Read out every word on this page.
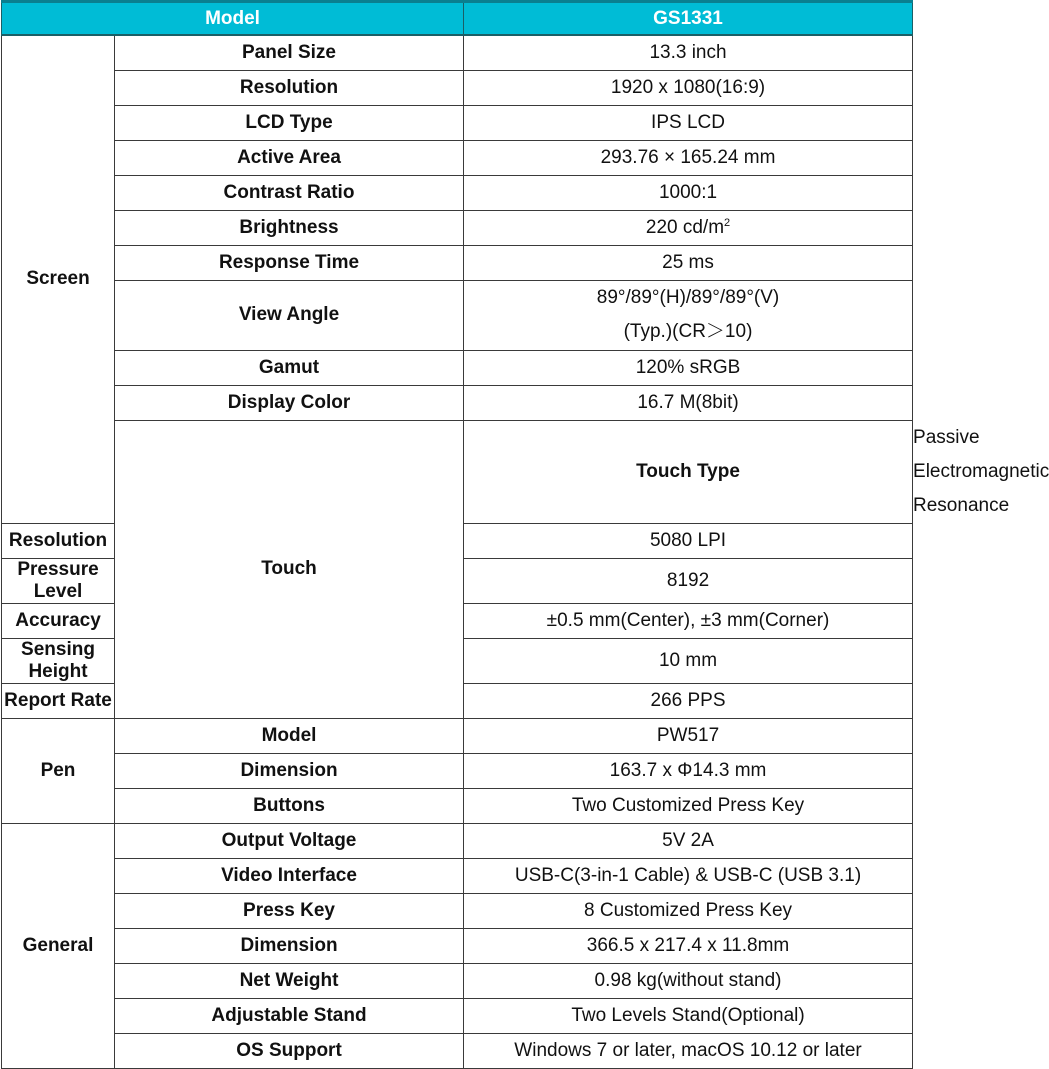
Model		GS1331	
Screen	Panel Size	13.3 inch	
	Resolution	1920 x 1080(16:9)	
	LCD Type	IPS LCD	
	Active Area	293.76 × 165.24 mm	
	Contrast Ratio	1000:1	
	Brightness	220 $cd/m^2$
	Response Time	25 ms	
	View Angle	89°/89°(H)/89°/89°(V)
(Typ.)(CR＞10)	

	Gamut	120% sRGB	
	Display Color	16.7 M(8bit)	
	Touch	Touch Type	Passive Electromagnetic Resonance
Resolution		5080 LPI	
Pressure Level		8192	
Accuracy		±0.5 mm(Center), ±3 mm(Corner)	
Sensing Height		10 mm	
Report Rate		266 PPS	
Pen	Model	PW517	
	Dimension	163.7 x Φ14.3 mm	
	Buttons	Two Customized Press Key	
General	Output Voltage	5V 2A	
	Video Interface	USB-C(3-in-1 Cable) & USB-C (USB 3.1)	
	Press Key	8 Customized Press Key	
	Dimension	366.5 x 217.4 x 11.8mm	
	Net Weight	0.98 kg(without stand)	
	Adjustable Stand	Two Levels Stand(Optional)	
	OS Support	Windows 7 or later, macOS 10.12 or later	
